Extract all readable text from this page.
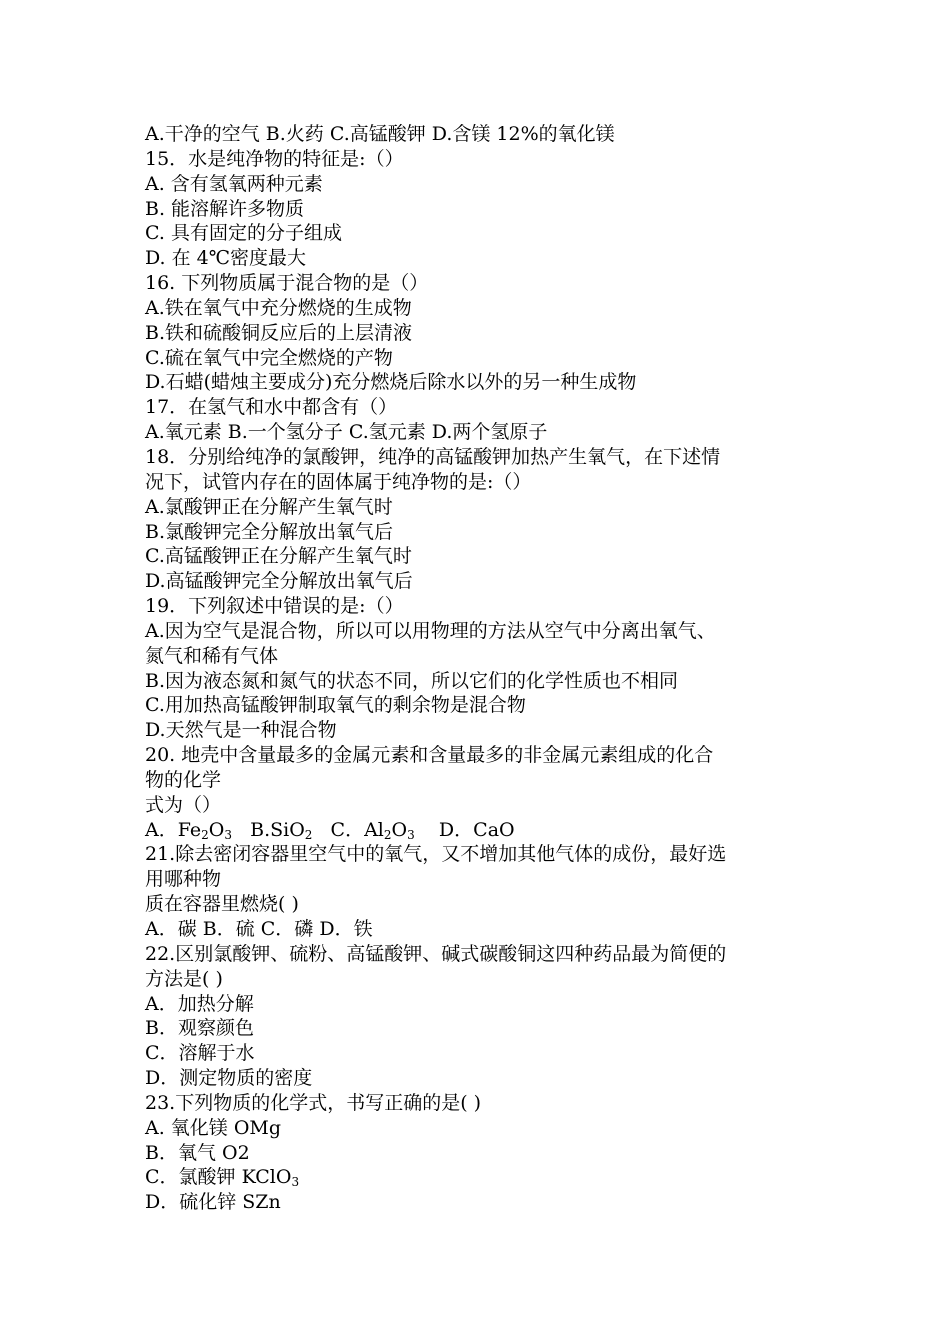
A.干净的空气 B.火药 C.高锰酸钾 D.含镁 12%的氧化镁
15．水是纯净物的特征是:（）
A. 含有氢氧两种元素
B. 能溶解许多物质
C. 具有固定的分子组成
D. 在 4℃密度最大
16. 下列物质属于混合物的是（）
A.铁在氧气中充分燃烧的生成物
B.铁和硫酸铜反应后的上层清液
C.硫在氧气中完全燃烧的产物
D.石蜡(蜡烛主要成分)充分燃烧后除水以外的另一种生成物
17．在氢气和水中都含有（）
A.氧元素 B.一个氢分子 C.氢元素 D.两个氢原子
18．分别给纯净的氯酸钾，纯净的高锰酸钾加热产生氧气，在下述情
况下，试管内存在的固体属于纯净物的是:（）
A.氯酸钾正在分解产生氧气时
B.氯酸钾完全分解放出氧气后
C.高锰酸钾正在分解产生氧气时
D.高锰酸钾完全分解放出氧气后
19．下列叙述中错误的是:（）
A.因为空气是混合物，所以可以用物理的方法从空气中分离出氧气、
氮气和稀有气体
B.因为液态氮和氮气的状态不同，所以它们的化学性质也不相同
C.用加热高锰酸钾制取氧气的剩余物是混合物
D.天然气是一种混合物
20. 地壳中含量最多的金属元素和含量最多的非金属元素组成的化合
物的化学
式为（）
A．$Fe_2O_3$ B.SiO$_2$ C．$Al_2O_3$ D．CaO
21.除去密闭容器里空气中的氧气，又不增加其他气体的成份，最好选
用哪种物
质在容器里燃烧( )
A．碳 B．硫 C．磷 D．铁
22.区别氯酸钾、硫粉、高锰酸钾、碱式碳酸铜这四种药品最为简便的
方法是( )
A．加热分解
B．观察颜色
C．溶解于水
D．测定物质的密度
23.下列物质的化学式，书写正确的是( )
A. 氧化镁 OMg
B．氧气 O2
C．氯酸钾 KClO$_3$
D．硫化锌 SZn
